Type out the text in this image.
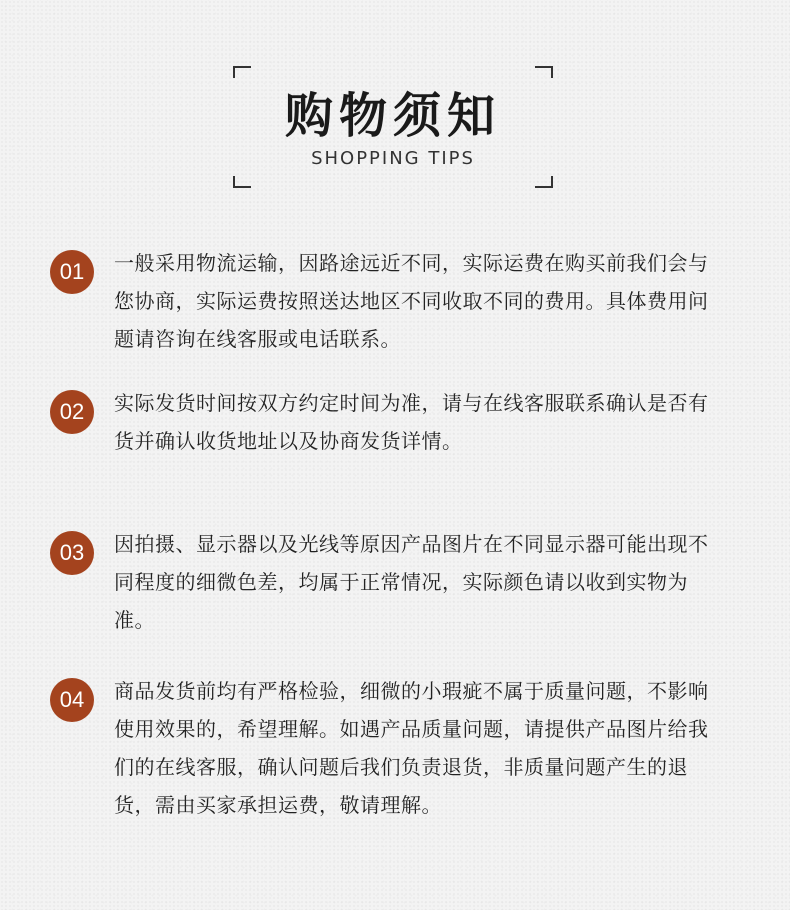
购物须知
SHOPPING TIPS
01	一般采用物流运输，因路途远近不同，实际运费在购买前我们会与您协商，实际运费按照送达地区不同收取不同的费用。具体费用问题请咨询在线客服或电话联系。
02	实际发货时间按双方约定时间为准，请与在线客服联系确认是否有货并确认收货地址以及协商发货详情。
03	因拍摄、显示器以及光线等原因产品图片在不同显示器可能出现不同程度的细微色差，均属于正常情况，实际颜色请以收到实物为准。
04	商品发货前均有严格检验，细微的小瑕疵不属于质量问题，不影响使用效果的，希望理解。如遇产品质量问题，请提供产品图片给我们的在线客服，确认问题后我们负责退货，非质量问题产生的退货，需由买家承担运费，敬请理解。
